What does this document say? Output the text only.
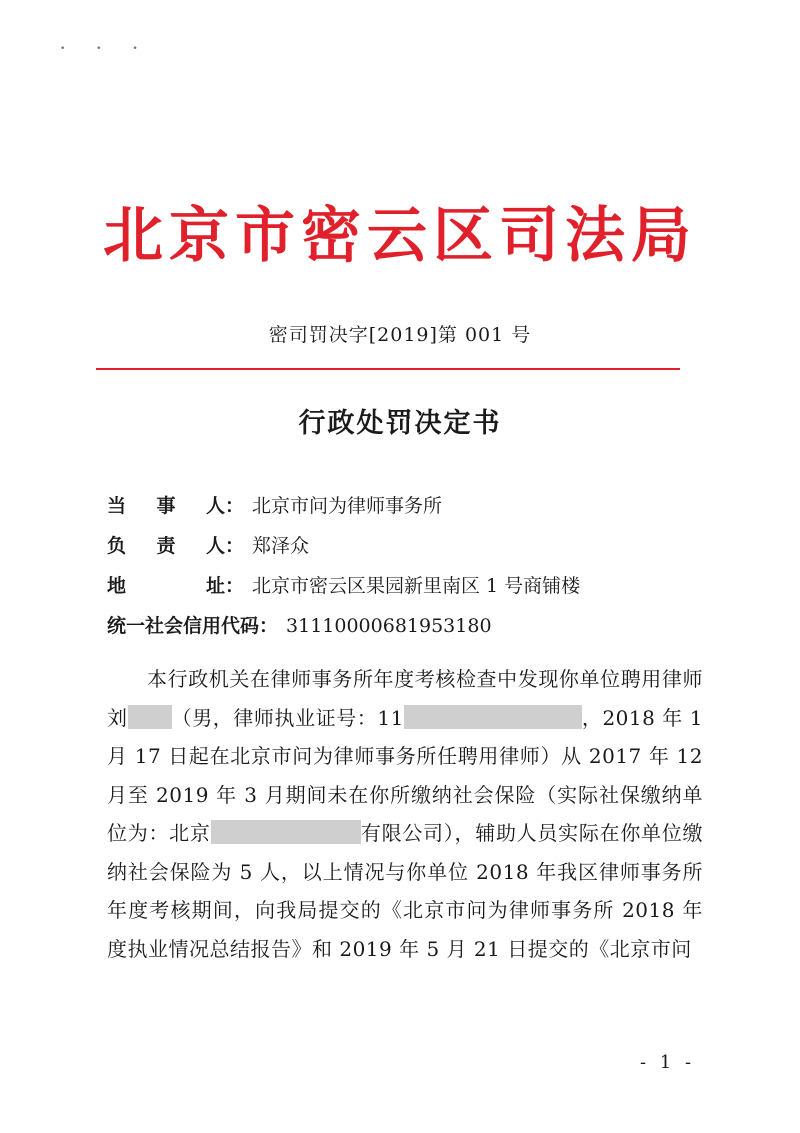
• • •
北京市密云区司法局
密司罚决字[2019]第 001 号
行政处罚决定书
当 事 人： 北京市问为律师事务所
负 责 人： 郑泽众
地 址： 北京市密云区果园新里南区 1 号商铺楼
统一社会信用代码： 31110000681953180

本行政机关在律师事务所年度考核检查中发现你单位聘用律师刘 （男，律师执业证号：11	，2018 年 1 月 17 日起在北京市问为律师事务所任聘用律师）从 2017 年 12 月至 2019 年 3 月期间未在你所缴纳社会保险（实际社保缴纳单位为：北京	有限公司），辅助人员实际在你单位缴纳社会保险为 5 人，以上情况与你单位 2018 年我区律师事务所年度考核期间，向我局提交的《北京市问为律师事务所 2018 年度执业情况总结报告》和 2019 年 5 月 21 日提交的《北京市问

- 1 -
